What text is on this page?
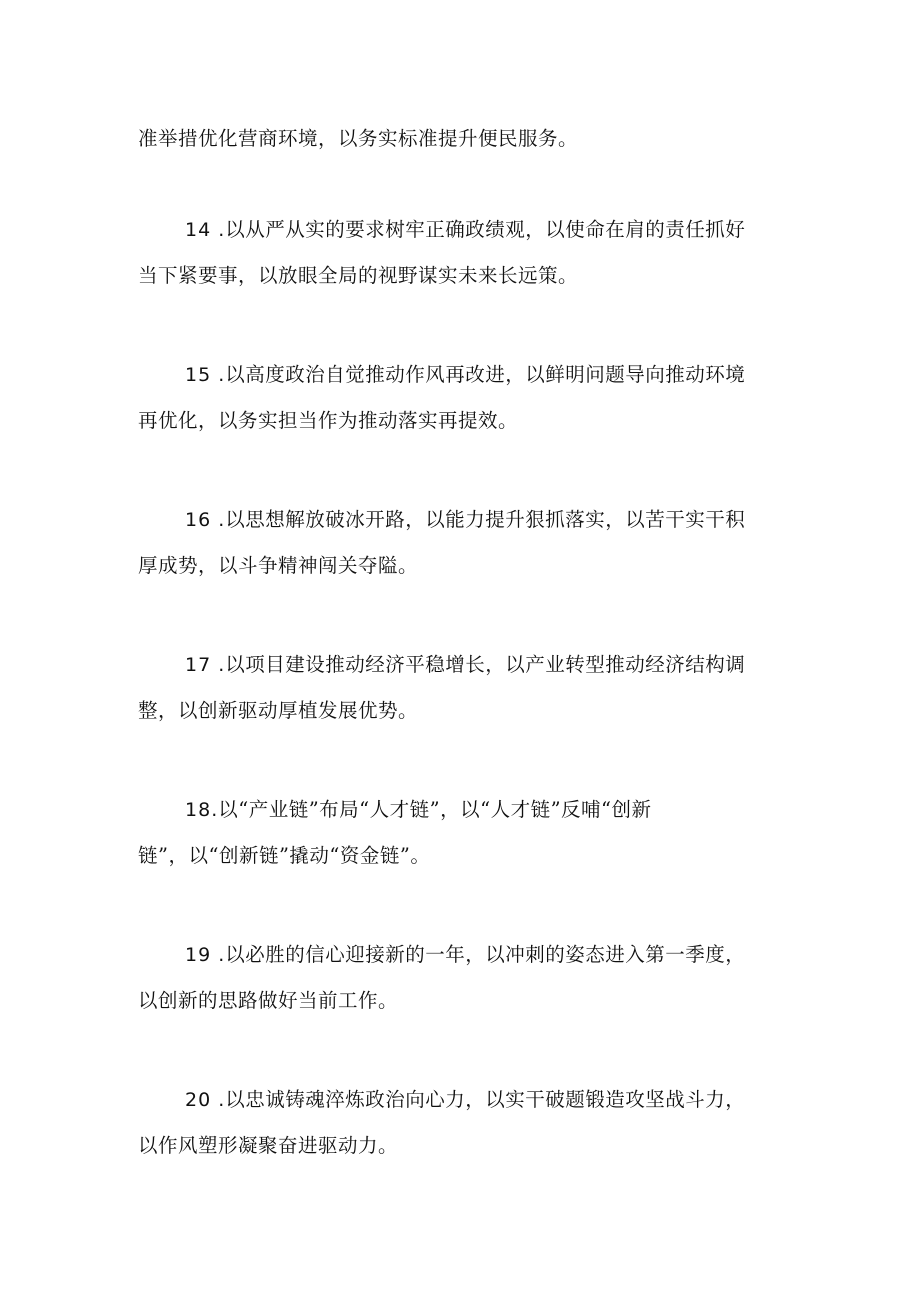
准举措优化营商环境，以务实标准提升便民服务。

14 .以从严从实的要求树牢正确政绩观，以使命在肩的责任抓好
当下紧要事，以放眼全局的视野谋实未来长远策。

15 .以高度政治自觉推动作风再改进，以鲜明问题导向推动环境
再优化，以务实担当作为推动落实再提效。

16 .以思想解放破冰开路，以能力提升狠抓落实，以苦干实干积
厚成势，以斗争精神闯关夺隘。

17 .以项目建设推动经济平稳增长，以产业转型推动经济结构调
整，以创新驱动厚植发展优势。

18.以“产业链”布局“人才链”，以“人才链”反哺“创新
链”，以“创新链”撬动“资金链”。

19 .以必胜的信心迎接新的一年，以冲刺的姿态进入第一季度，
以创新的思路做好当前工作。

20 .以忠诚铸魂淬炼政治向心力，以实干破题锻造攻坚战斗力，
以作风塑形凝聚奋进驱动力。
